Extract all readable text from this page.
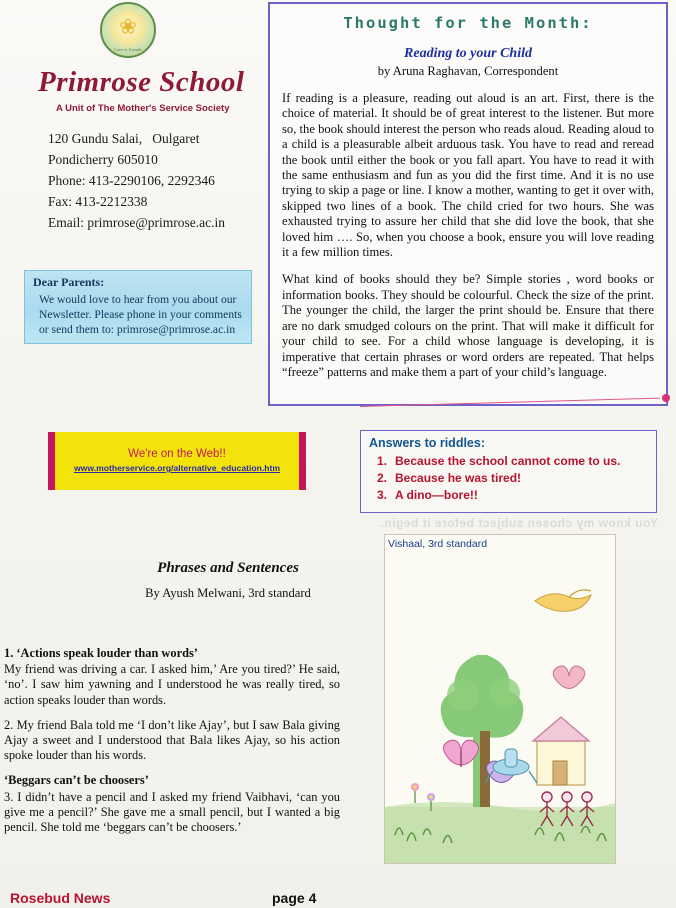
You know my chosen subject before it begin.
❀
Love to Growth
Primrose School
A Unit of The Mother's Service Society
120 Gundu Salai,   Oulgaret
Pondicherry 605010
Phone: 413-2290106, 2292346
Fax: 413-2212338
Email: primrose@primrose.ac.in
Dear Parents:
We would love to hear from you about our Newsletter. Please phone in your comments or send them to: primrose@primrose.ac.in
Thought for the Month:
Reading to your Child
by Aruna Raghavan, Correspondent

If reading is a pleasure, reading out aloud is an art. First, there is the choice of material. It should be of great interest to the listener. But more so, the book should interest the person who reads aloud. Reading aloud to a child is a pleasurable albeit arduous task. You have to read and reread the book until either the book or you fall apart. You have to read it with the same enthusiasm and fun as you did the first time. And it is no use trying to skip a page or line. I know a mother, wanting to get it over with, skipped two lines of a book. The child cried for two hours. She was exhausted trying to assure her child that she did love the book, that she loved him …. So, when you choose a book, ensure you will love reading it a few million times.

What kind of books should they be? Simple stories , word books or information books. They should be colourful. Check the size of the print. The younger the child, the larger the print should be. Ensure that there are no dark smudged colours on the print. That will make it difficult for your child to see. For a child whose language is developing, it is imperative that certain phrases or word orders are repeated. That helps “freeze” patterns and make them a part of your child’s language.

We're on the Web!!
www.motherservice.org/alternative_education.htm
Answers to riddles:
1. Because the school cannot come to us.
2. Because he was tired!
3. A dino—bore!!
Phrases and Sentences
By Ayush Melwani, 3rd standard

1. ‘Actions speak louder than words’
My friend was driving a car. I asked him,’ Are you tired?’ He said, ‘no’. I saw him yawning and I understood he was really tired, so action speaks louder than words.

2. My friend Bala told me ‘I don’t like Ajay’, but I saw Bala giving Ajay a sweet and I understood that Bala likes Ajay, so his action spoke louder than his words.

‘Beggars can’t be choosers’
3. I didn’t have a pencil and I asked my friend Vaibhavi, ‘can you give me a pencil?’ She gave me a small pencil, but I wanted a big pencil. She told me ‘beggars can’t be choosers.’

Vishaal, 3rd standard
Rosebud News	page 4
